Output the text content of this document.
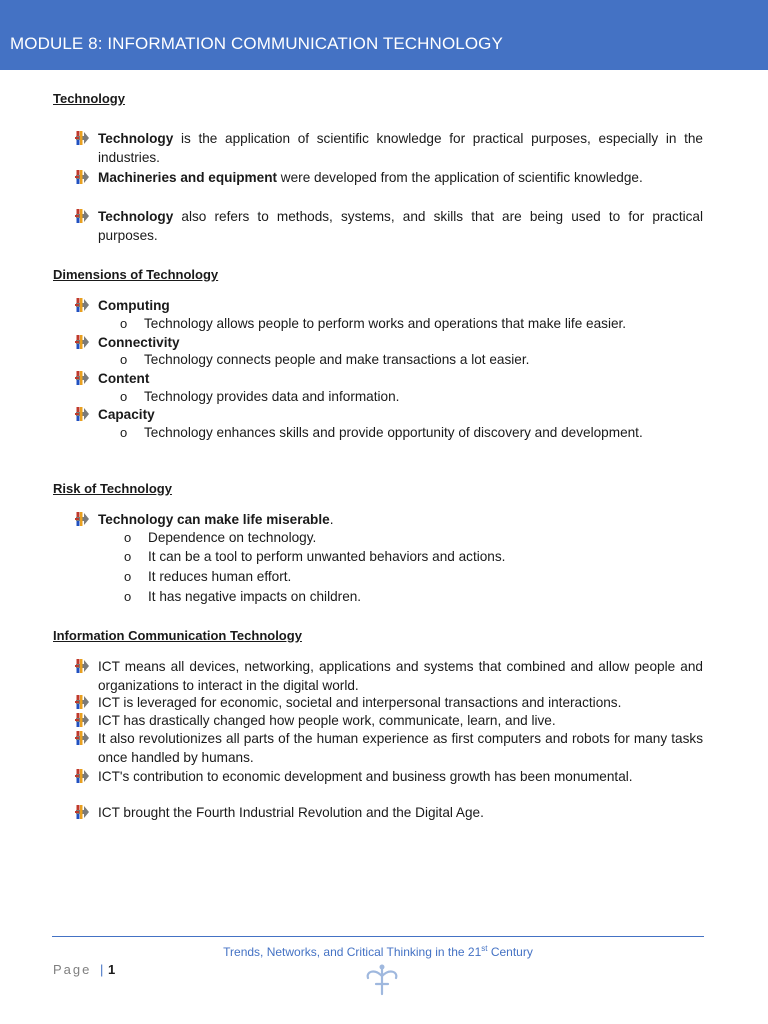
MODULE 8: INFORMATION COMMUNICATION TECHNOLOGY
Technology
Technology is the application of scientific knowledge for practical purposes, especially in the industries.
Machineries and equipment were developed from the application of scientific knowledge.
Technology also refers to methods, systems, and skills that are being used to for practical purposes.
Dimensions of Technology
Computing
o Technology allows people to perform works and operations that make life easier.
Connectivity
o Technology connects people and make transactions a lot easier.
Content
o Technology provides data and information.
Capacity
o Technology enhances skills and provide opportunity of discovery and development.
Risk of Technology
Technology can make life miserable.
o Dependence on technology.
o It can be a tool to perform unwanted behaviors and actions.
o It reduces human effort.
o It has negative impacts on children.
Information Communication Technology
ICT means all devices, networking, applications and systems that combined and allow people and organizations to interact in the digital world.
ICT is leveraged for economic, societal and interpersonal transactions and interactions.
ICT has drastically changed how people work, communicate, learn, and live.
It also revolutionizes all parts of the human experience as first computers and robots for many tasks once handled by humans.
ICT's contribution to economic development and business growth has been monumental.
ICT brought the Fourth Industrial Revolution and the Digital Age.
Trends, Networks, and Critical Thinking in the 21st Century
Page | 1
